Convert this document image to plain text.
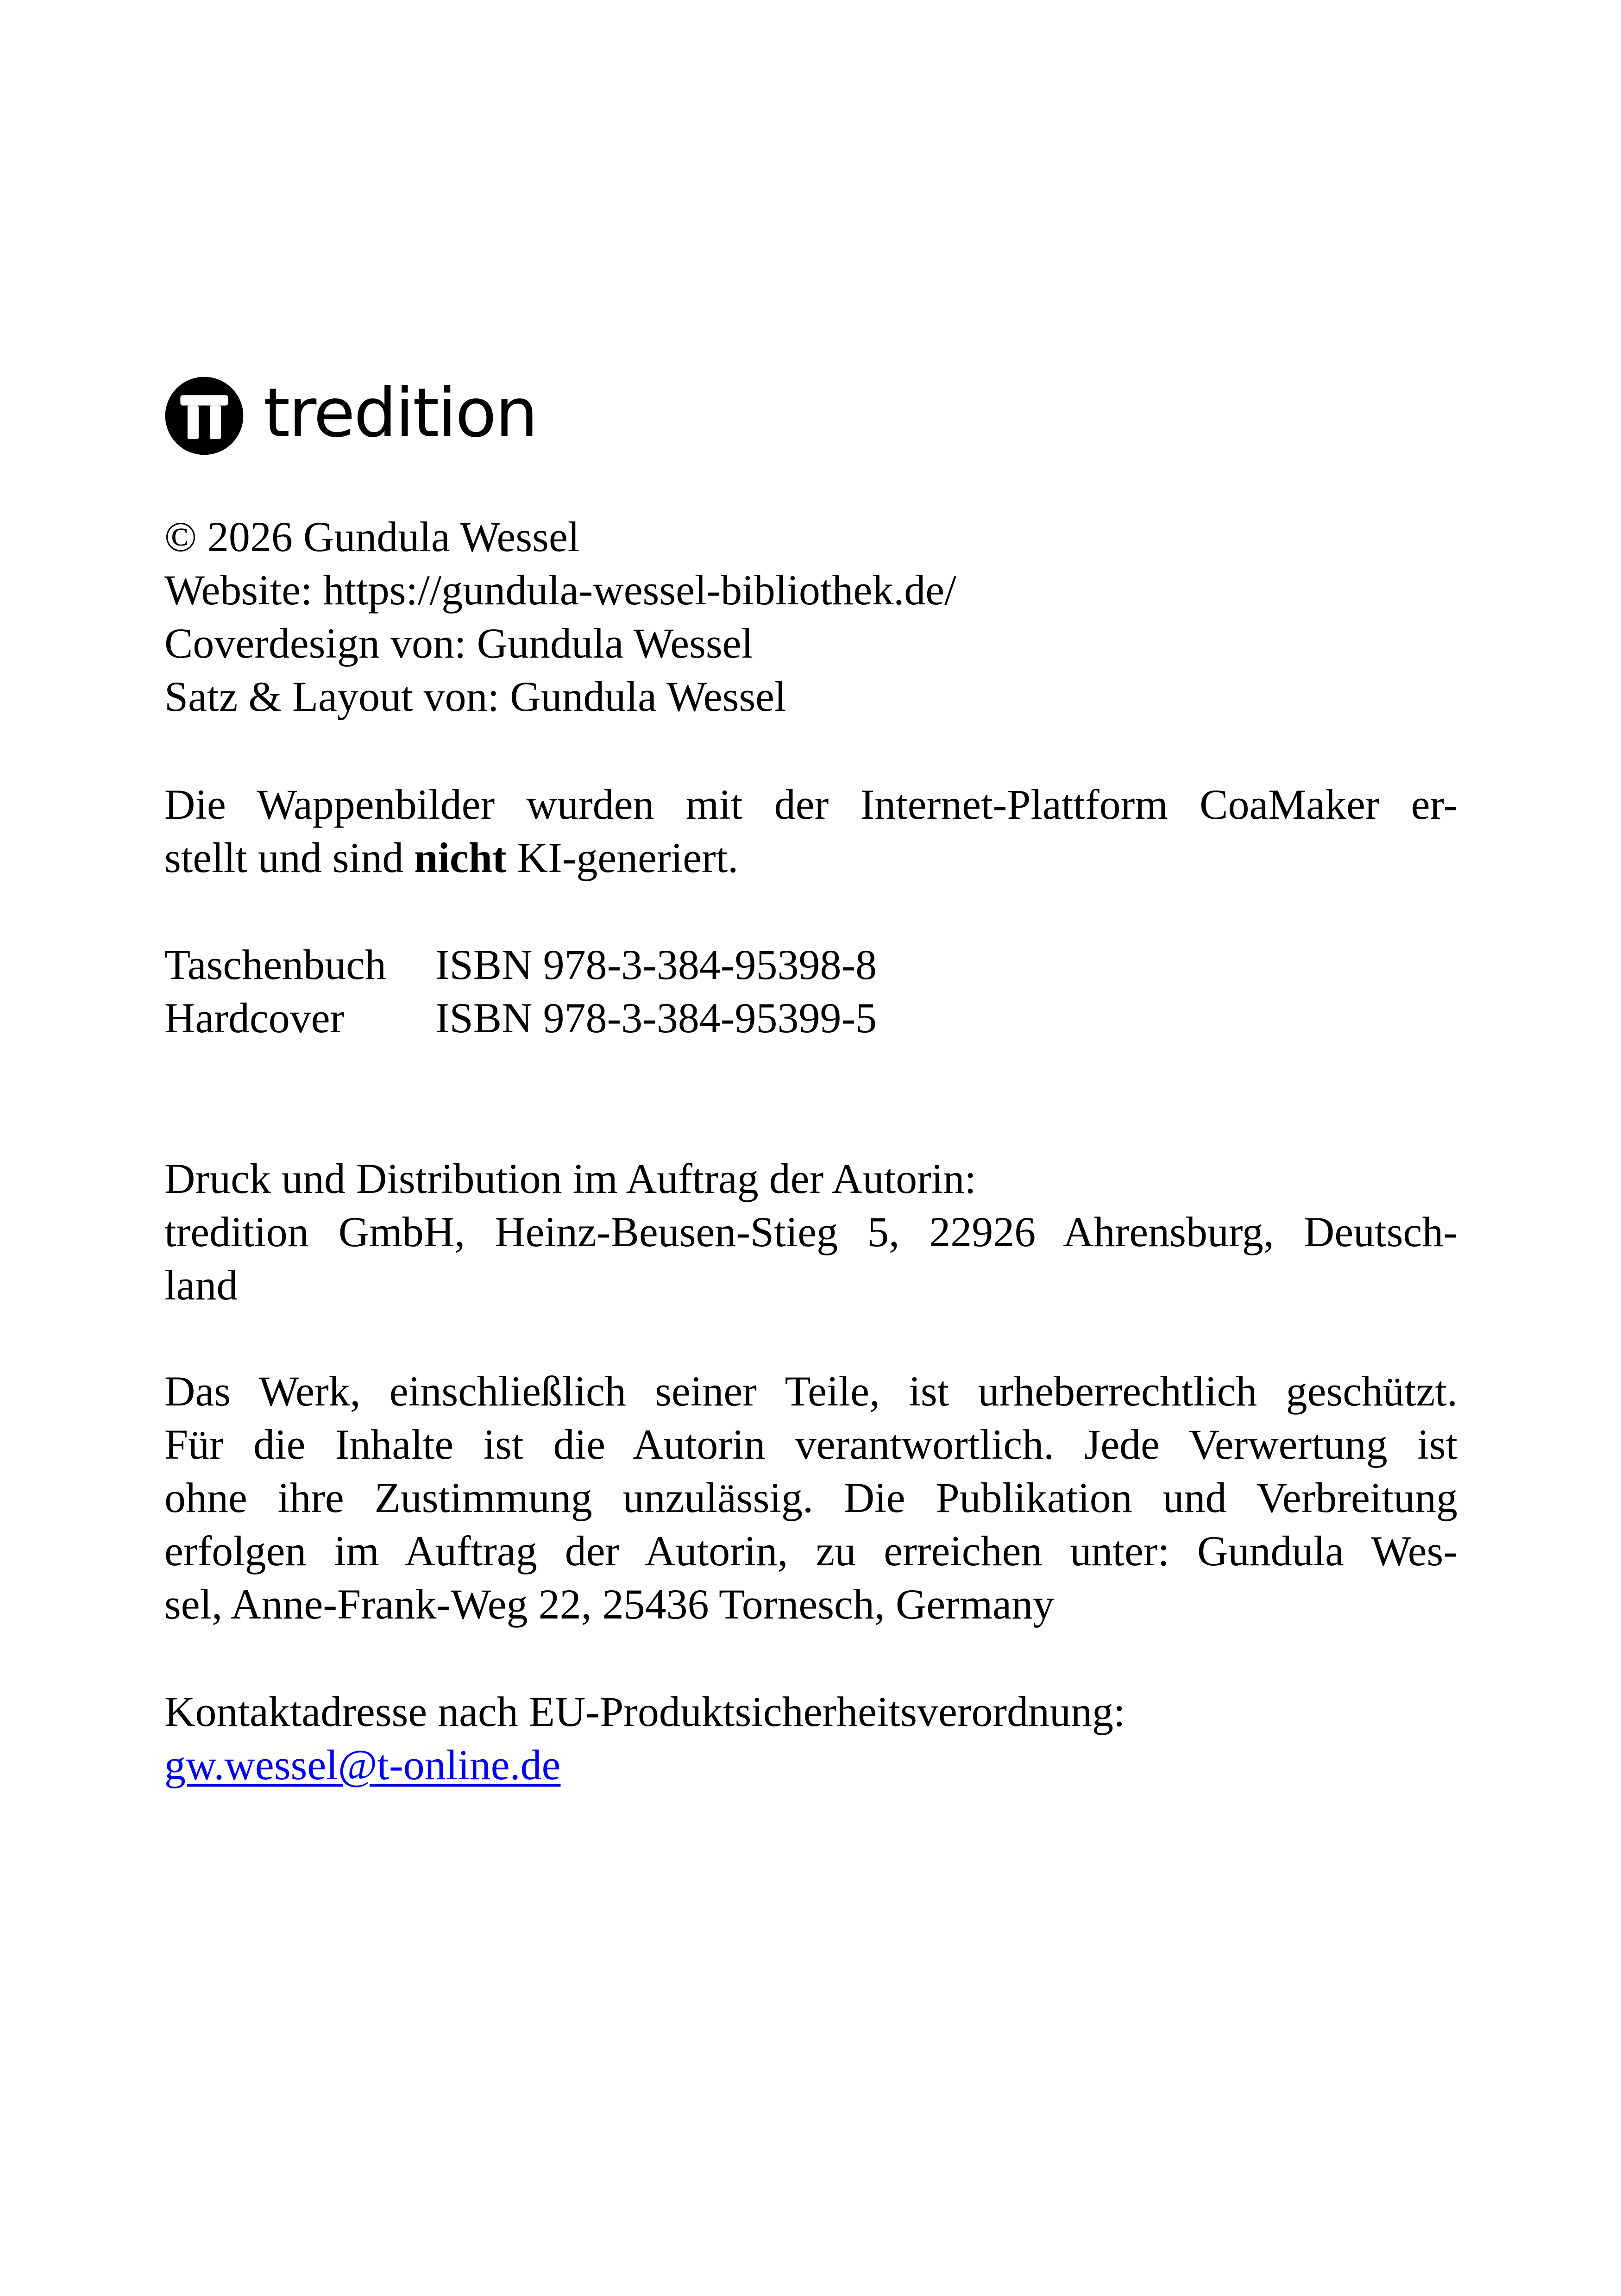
tredition
© 2026 Gundula Wessel
Website: https://gundula-wessel-bibliothek.de/
Coverdesign von: Gundula Wessel
Satz & Layout von: Gundula Wessel
Die Wappenbilder wurden mit der Internet-Plattform CoaMaker er-
stellt und sind nicht KI-generiert.
Taschenbuch	ISBN 978-3-384-95398-8
Hardcover	ISBN 978-3-384-95399-5
Druck und Distribution im Auftrag der Autorin:
tredition GmbH, Heinz-Beusen-Stieg 5, 22926 Ahrensburg, Deutsch-
land
Das Werk, einschließlich seiner Teile, ist urheberrechtlich geschützt.
Für die Inhalte ist die Autorin verantwortlich. Jede Verwertung ist
ohne ihre Zustimmung unzulässig. Die Publikation und Verbreitung
erfolgen im Auftrag der Autorin, zu erreichen unter: Gundula Wes-
sel, Anne-Frank-Weg 22, 25436 Tornesch, Germany
Kontaktadresse nach EU-Produktsicherheitsverordnung:
gw.wessel@t-online.de
